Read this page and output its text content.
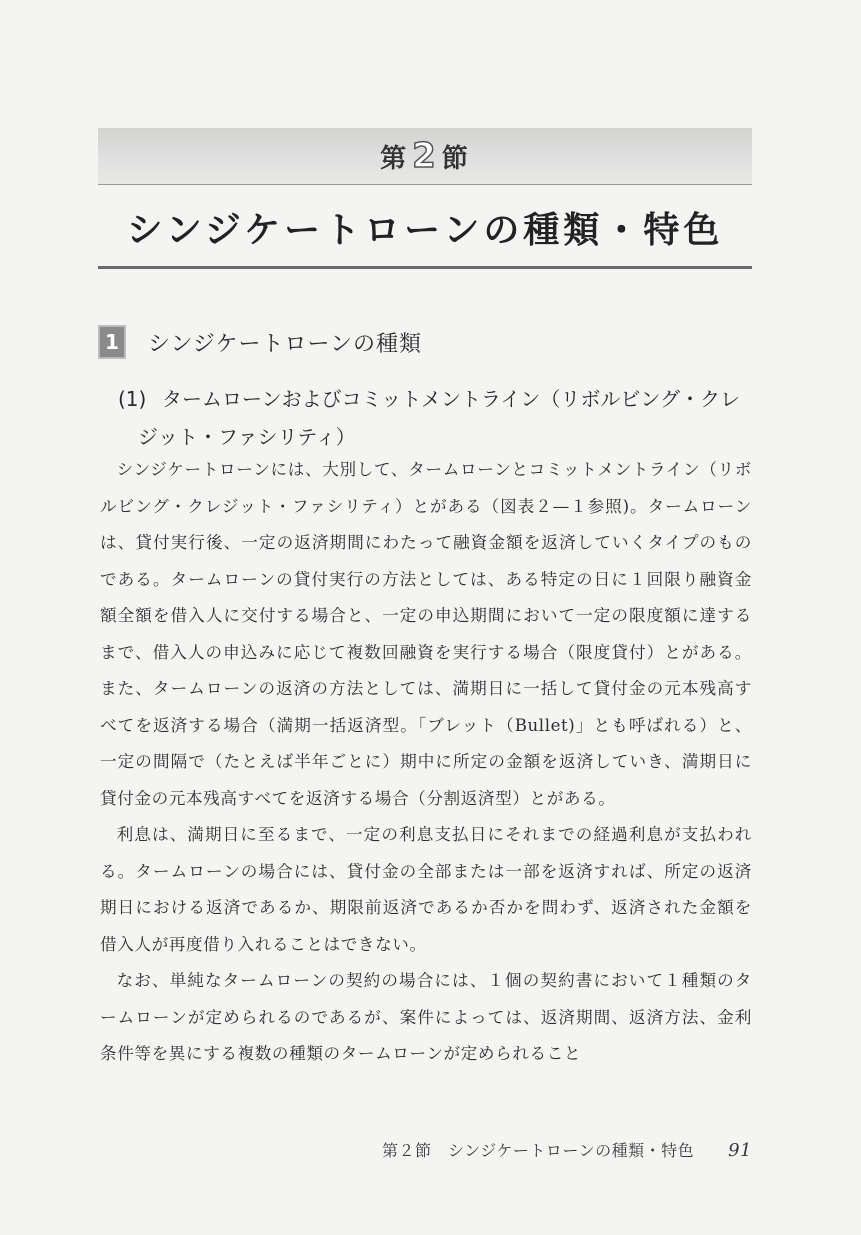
第 2 節
シンジケートローンの種類・特色
1	シンジケートローンの種類
(1) タームローンおよびコミットメントライン（リボルビング・クレ
ジット・ファシリティ）

シンジケートローンには、大別して、タームローンとコミットメントライン（リボルビング・クレジット・ファシリティ）とがある（図表２—１参照)。タームローンは、貸付実行後、一定の返済期間にわたって融資金額を返済していくタイプのものである。タームローンの貸付実行の方法としては、ある特定の日に１回限り融資金額全額を借入人に交付する場合と、一定の申込期間において一定の限度額に達するまで、借入人の申込みに応じて複数回融資を実行する場合（限度貸付）とがある。また、タームローンの返済の方法としては、満期日に一括して貸付金の元本残高すべてを返済する場合（満期一括返済型。「ブレット（Bullet)」とも呼ばれる）と、一定の間隔で（たとえば半年ごとに）期中に所定の金額を返済していき、満期日に貸付金の元本残高すべてを返済する場合（分割返済型）とがある。

利息は、満期日に至るまで、一定の利息支払日にそれまでの経過利息が支払われる。タームローンの場合には、貸付金の全部または一部を返済すれば、所定の返済期日における返済であるか、期限前返済であるか否かを問わず、返済された金額を借入人が再度借り入れることはできない。

なお、単純なタームローンの契約の場合には、１個の契約書において１種類のタームローンが定められるのであるが、案件によっては、返済期間、返済方法、金利条件等を異にする複数の種類のタームローンが定められること

第２節　シンジケートローンの種類・特色 91
